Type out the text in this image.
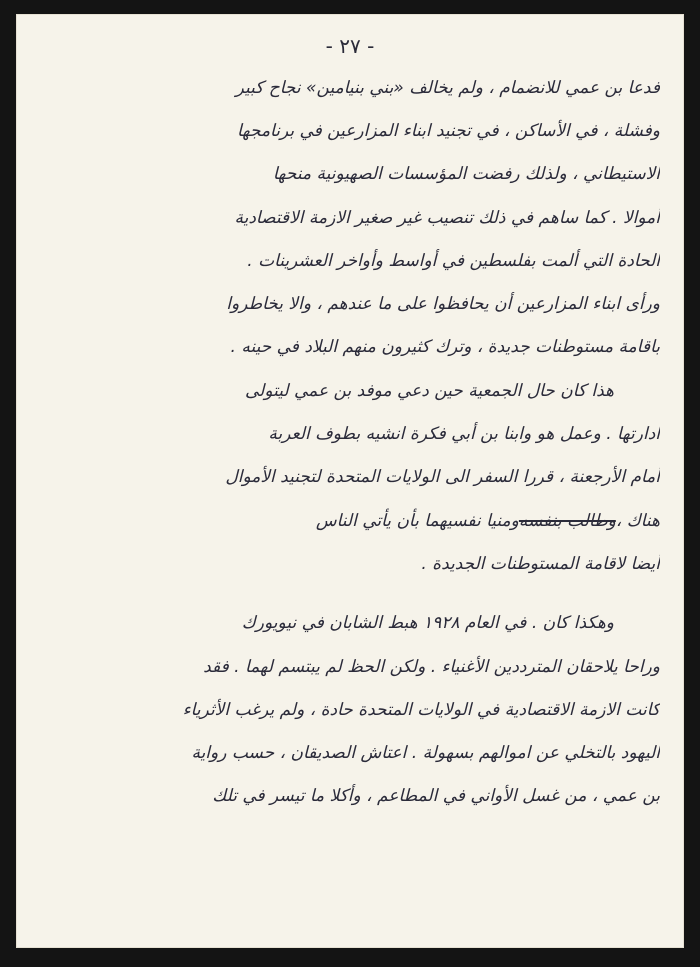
- ٢٧ -
فدعا بن عمي للانضمام ، ولم يخالف «بني بنيامين» نجاح كبير
وفشلة ، في الأساكن ، في تجنيد ابناء المزارعين في برنامجها
الاستيطاني ، ولذلك رفضت المؤسسات الصهيونية منحها
أموالا . كما ساهم في ذلك تنصيب غير صغير الازمة الاقتصادية
الحادة التي ألمت بفلسطين في أواسط وأواخر العشرينات .
ورأى ابناء المزارعين أن يحافظوا على ما عندهم ، والا يخاطروا
باقامة مستوطنات جديدة ، وترك كثيرون منهم البلاد في حينه .
هذا كان حال الجمعية حين دعي موفد بن عمي ليتولى
ادارتها . وعمل هو وابنا بن أبي فكرة انشيه بطوف العربة
أمام الأرجعنة ، قررا السفر الى الولايات المتحدة لتجنيد الأموال
هناك ،
وطالب بنفسه
ومنيا نفسيهما بأن يأتي الناس
أيضا لاقامة المستوطنات الجديدة .
وهكذا كان . في العام ١٩٢٨ هبط الشابان في نيويورك
وراحا يلاحقان المترددين الأغنياء . ولكن الحظ لم يبتسم لهما . فقد
كانت الازمة الاقتصادية في الولايات المتحدة حادة ، ولم يرغب الأثرياء
اليهود بالتخلي عن اموالهم بسهولة . اعتاش الصديقان ، حسب رواية
بن عمي ، من غسل الأواني في المطاعم ، وأكلا ما تيسر في تلك
